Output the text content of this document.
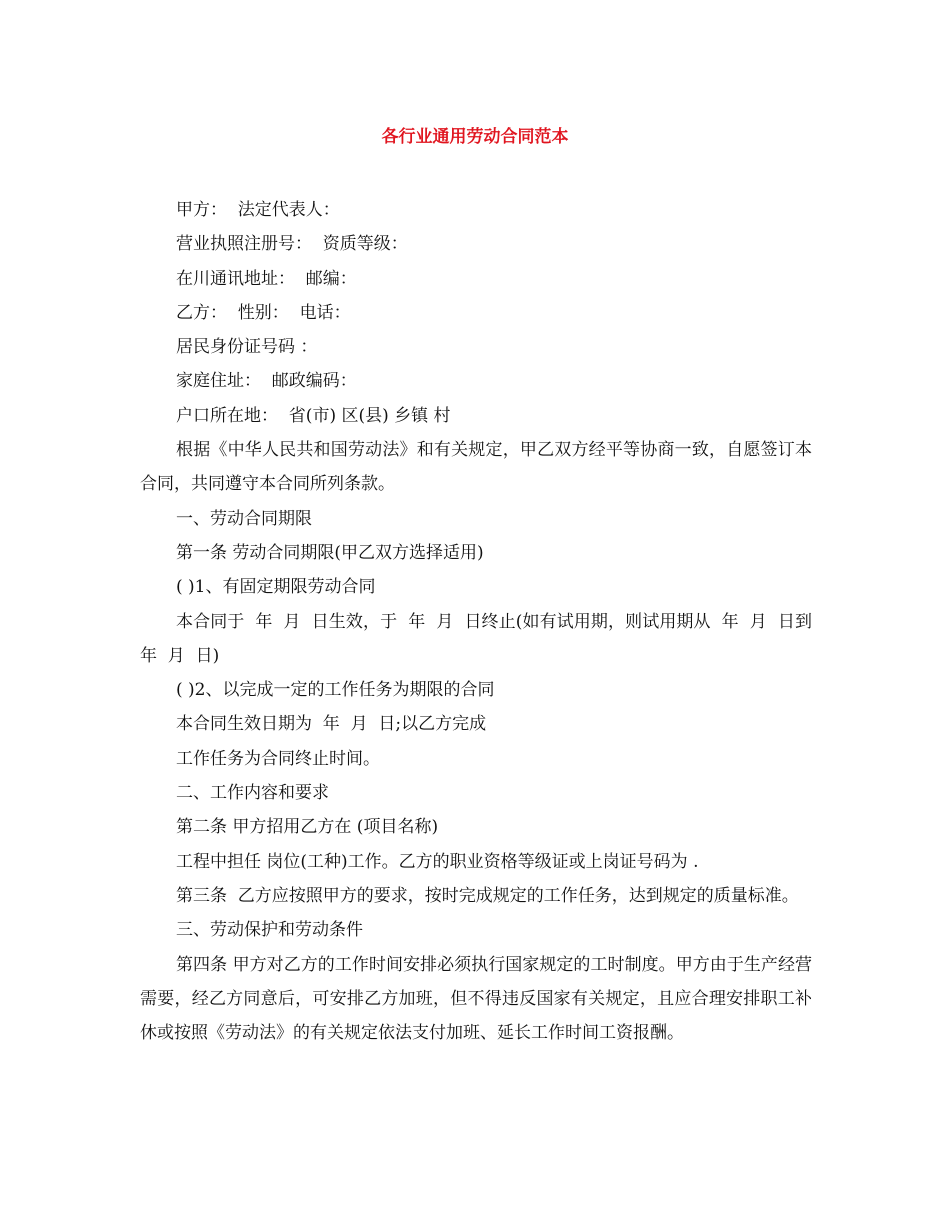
各行业通用劳动合同范本

甲方：  法定代表人：

营业执照注册号：  资质等级：

在川通讯地址：  邮编：

乙方：  性别：  电话：

居民身份证号码 ：

家庭住址：  邮政编码：

户口所在地：  省(市) 区(县) 乡镇 村

根据《中华人民共和国劳动法》和有关规定，甲乙双方经平等协商一致，自愿签订本合同，共同遵守本合同所列条款。

一、劳动合同期限

第一条 劳动合同期限(甲乙双方选择适用)

( )1、有固定期限劳动合同

本合同于  年  月  日生效，于  年  月  日终止(如有试用期，则试用期从  年  月  日到  年  月  日)

( )2、以完成一定的工作任务为期限的合同

本合同生效日期为  年  月  日;以乙方完成

工作任务为合同终止时间。

二、工作内容和要求

第二条 甲方招用乙方在 (项目名称)

工程中担任 岗位(工种)工作。乙方的职业资格等级证或上岗证号码为 .

第三条  乙方应按照甲方的要求，按时完成规定的工作任务，达到规定的质量标准。

三、劳动保护和劳动条件

第四条 甲方对乙方的工作时间安排必须执行国家规定的工时制度。甲方由于生产经营需要，经乙方同意后，可安排乙方加班，但不得违反国家有关规定，且应合理安排职工补休或按照《劳动法》的有关规定依法支付加班、延长工作时间工资报酬。
